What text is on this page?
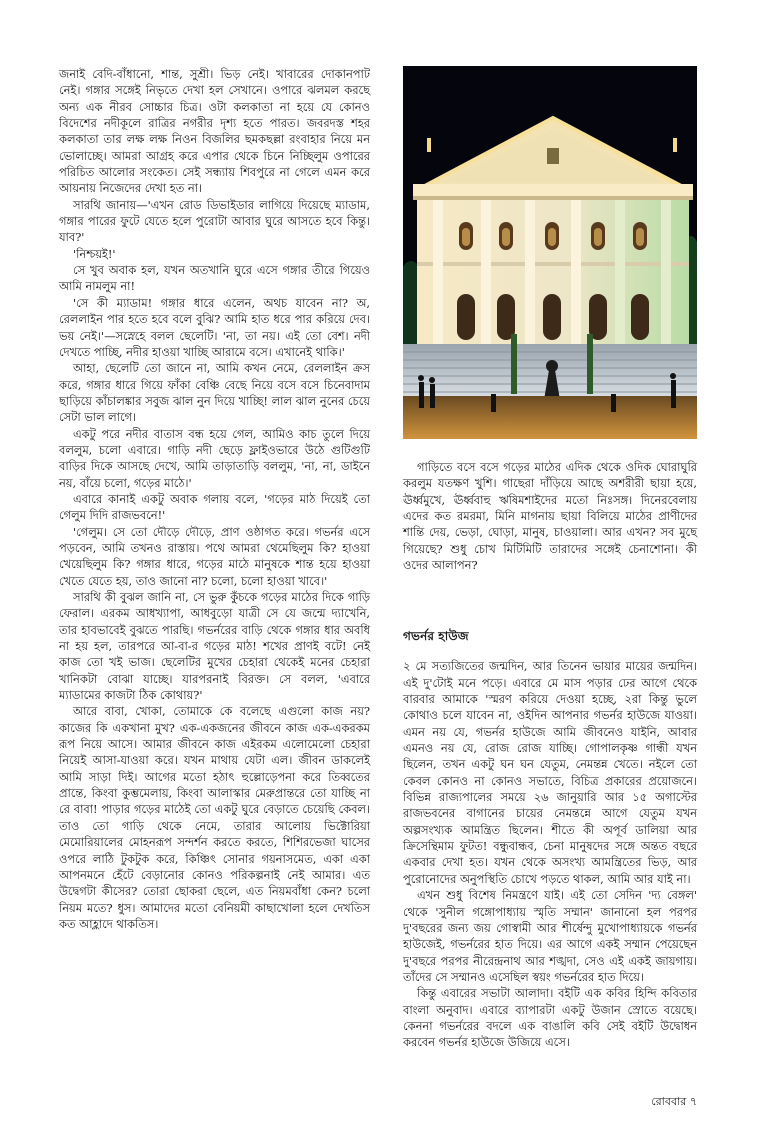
জনাই বেদি-বাঁধানো, শান্ত, সুশ্রী। ভিড় নেই। খাবারের দোকানপাট নেই। গঙ্গার সঙ্গেই নিভৃতে দেখা হল সেখানে। ওপারে ঝলমল করছে অন্য এক নীরব সোচ্চার চিত্র। ওটা কলকাতা না হয়ে যে কোনও বিদেশের নদীকূলে রাত্রির নগরীর দৃশ্য হতে পারত। জবরদস্ত শহর কলকাতা তার লক্ষ লক্ষ নিওন বিজলির ছমকছল্লা রংবাহার নিয়ে মন ভোলাচ্ছে। আমরা আগ্রহ করে এপার থেকে চিনে নিচ্ছিলুম ওপারের পরিচিত আলোর সংকেত। সেই সন্ধ্যায় শিবপুরে না গেলে এমন করে আয়নায় নিজেদের দেখা হত না।

সারথি জানায়—'এখন রোড ডিভাইডার লাগিয়ে দিয়েছে ম্যাডাম, গঙ্গার পারের ফুটে যেতে হলে পুরোটা আবার ঘুরে আসতে হবে কিন্তু। যাব?'

'নিশ্চয়ই!'

সে খুব অবাক হল, যখন অতখানি ঘুরে এসে গঙ্গার তীরে গিয়েও আমি নামলুম না!

'সে কী ম্যাডাম! গঙ্গার ধারে এলেন, অথচ যাবেন না? অ, রেললাইন পার হতে হবে বলে বুঝি? আমি হাত ধরে পার করিয়ে দেব। ভয় নেই।'—সস্নেহে বলল ছেলেটি। 'না, তা নয়। এই তো বেশ। নদী দেখতে পাচ্ছি, নদীর হাওয়া খাচ্ছি আরামে বসে। এখানেই থাকি।'

আহা, ছেলেটি তো জানে না, আমি কখন নেমে, রেললাইন ক্রস করে, গঙ্গার ধারে গিয়ে ফাঁকা বেঞ্চি বেছে নিয়ে বসে বসে চিনেবাদাম ছাড়িয়ে কাঁচালঙ্কার সবুজ ঝাল নুন দিয়ে খাচ্ছি! লাল ঝাল নুনের চেয়ে সেটা ভাল লাগে।

একটু পরে নদীর বাতাস বন্ধ হয়ে গেল, আমিও কাচ তুলে দিয়ে বললুম, চলো এবারে। গাড়ি নদী ছেড়ে ফ্লাইওভারে উঠে গুটিগুটি বাড়ির দিকে আসছে দেখে, আমি তাড়াতাড়ি বললুম, 'না, না, ডাইনে নয়, বাঁয়ে চলো, গড়ের মাঠে।'

এবারে কানাই একটু অবাক গলায় বলে, 'গড়ের মাঠ দিয়েই তো গেলুম দিদি রাজভবনে!'

'গেলুম। সে তো দৌড়ে দৌড়ে, প্রাণ ওষ্ঠাগত করে। গভর্নর এসে পড়বেন, আমি তখনও রাস্তায়। পথে আমরা থেমেছিলুম কি? হাওয়া খেয়েছিলুম কি? গঙ্গার ধারে, গড়ের মাঠে মানুষকে শান্ত হয়ে হাওয়া খেতে যেতে হয়, তাও জানো না? চলো, চলো হাওয়া খাবে।'

সারথি কী বুঝল জানি না, সে ভুরু কুঁচকে গড়ের মাঠের দিকে গাড়ি ফেরাল। এরকম আধখ্যাপা, আধবুড়ো যাত্রী সে যে জন্মে দ্যাখেনি, তার হাবভাবেই বুঝতে পারছি। গভর্নরের বাড়ি থেকে গঙ্গার ধার অবধি না হয় হল, তারপরে আ-বা-র গড়ের মাঠ! শখের প্রাণই বটে! নেই কাজ তো খই ভাজ। ছেলেটির মুখের চেহারা থেকেই মনের চেহারা খানিকটা বোঝা যাচ্ছে। যারপরনাই বিরক্ত। সে বলল, 'এবারে ম্যাডামের কাজটা ঠিক কোথায়?'

আরে বাবা, খোকা, তোমাকে কে বলেছে এগুলো কাজ নয়? কাজের কি একখানা মুখ? এক-একজনের জীবনে কাজ এক-একরকম রূপ নিয়ে আসে। আমার জীবনে কাজ এইরকম এলোমেলো চেহারা নিয়েই আসা-যাওয়া করে। যখন মাথায় যেটা এল। জীবন ডাকলেই আমি সাড়া দিই। আগের মতো হঠাৎ হুল্লোড়েপনা করে তিব্বতের প্রান্তে, কিংবা কুম্ভমেলায়, কিংবা আলাস্কার মেরুপ্রান্তরে তো যাচ্ছি না রে বাবা! পাড়ার গড়ের মাঠেই তো একটু ঘুরে বেড়াতে চেয়েছি কেবল। তাও তো গাড়ি থেকে নেমে, তারার আলোয় ভিক্টোরিয়া মেমোরিয়ালের মোহনরূপ সন্দর্শন করতে করতে, শিশিরভেজা ঘাসের ওপরে লাঠি টুকটুক করে, কিঞ্চিৎ সোনার গয়নাসমেত, একা একা আপনমনে হেঁটে বেড়ানোর কোনও পরিকল্পনাই নেই আমার। এত উদ্বেগটা কীসের? তোরা ছোকরা ছেলে, এত নিয়মবাঁধা কেন? চলো নিয়ম মতে? ধুস। আমাদের মতো বেনিয়মী কাছাখোলা হলে দেখতিস কত আহ্লাদে থাকতিস।

গাড়িতে বসে বসে গড়ের মাঠের এদিক থেকে ওদিক ঘোরাঘুরি করলুম যতক্ষণ খুশি। গাছেরা দাঁড়িয়ে আছে অশরীরী ছায়া হয়ে, ঊর্ধ্বমুখে, ঊর্ধ্ববাহু ঋষিমশাইদের মতো নিঃসঙ্গ। দিনেরবেলায় এদের কত রমরমা, মিনি মাগনায় ছায়া বিলিয়ে মাঠের প্রাণীদের শান্তি দেয়, ভেড়া, ঘোড়া, মানুষ, চাওয়ালা। আর এখন? সব মুছে গিয়েছে? শুধু চোখ মিটিমিটি তারাদের সঙ্গেই চেনাশোনা। কী ওদের আলাপন?

গভর্নর হাউজ

২ মে সত্যজিতের জন্মদিন, আর তিনেন ভায়ার মায়ের জন্মদিন। এই দু'টোই মনে পড়ে। এবারে মে মাস পড়ার ঢের আগে থেকে বারবার আমাকে 'স্মরণ করিয়ে দেওয়া হচ্ছে, ২রা কিন্তু ভুলে কোথাও চলে যাবেন না, ওইদিন আপনার গভর্নর হাউজে যাওয়া। এমন নয় যে, গভর্নর হাউজে আমি জীবনেও যাইনি, আবার এমনও নয় যে, রোজ রোজ যাচ্ছি। গোপালকৃষ্ণ গান্ধী যখন ছিলেন, তখন একটু ঘন ঘন যেতুম, নেমন্তন্ন খেতে। নইলে তো কেবল কোনও না কোনও সভাতে, বিচিত্র প্রকারের প্রয়োজনে। বিভিন্ন রাজ্যপালের সময়ে ২৬ জানুয়ারি আর ১৫ অগাস্টের রাজভবনের বাগানের চায়ের নেমন্তন্নে আগে যেতুম যখন অল্পসংখ্যক আমন্ত্রিত ছিলেন। শীতে কী অপূর্ব ডালিয়া আর ক্রিসেন্থিমাম ফুটত! বন্ধুবান্ধব, চেনা মানুষদের সঙ্গে অন্তত বছরে একবার দেখা হত। যখন থেকে অসংখ্য আমন্ত্রিতের ভিড়, আর পুরোনোদের অনুপস্থিতি চোখে পড়তে থাকল, আমি আর যাই না।

এখন শুধু বিশেষ নিমন্ত্রণে যাই। এই তো সেদিন 'দ্য বেঙ্গল' থেকে 'সুনীল গঙ্গোপাধ্যায় স্মৃতি সম্মান' জানানো হল পরপর দু'বছরের জন্য জয় গোস্বামী আর শীর্ষেন্দু মুখোপাধ্যায়কে গভর্নর হাউজেই, গভর্নরের হাত দিয়ে। এর আগে একই সম্মান পেয়েছেন দু'বছরে পরপর নীরেন্দ্রনাথ আর শঙ্খদা, সেও এই একই জায়গায়। তাঁদের সে সম্মানও এসেছিল স্বয়ং গভর্নরের হাত দিয়ে।

কিন্তু এবারের সভাটা আলাদা। বইটি এক কবির হিন্দি কবিতার বাংলা অনুবাদ। এবারে ব্যাপারটা একটু উজান স্রোতে বয়েছে। কেননা গভর্নরের বদলে এক বাঙালি কবি সেই বইটি উদ্বোধন করবেন গভর্নর হাউজে উজিয়ে এসে।

রোববার ৭
